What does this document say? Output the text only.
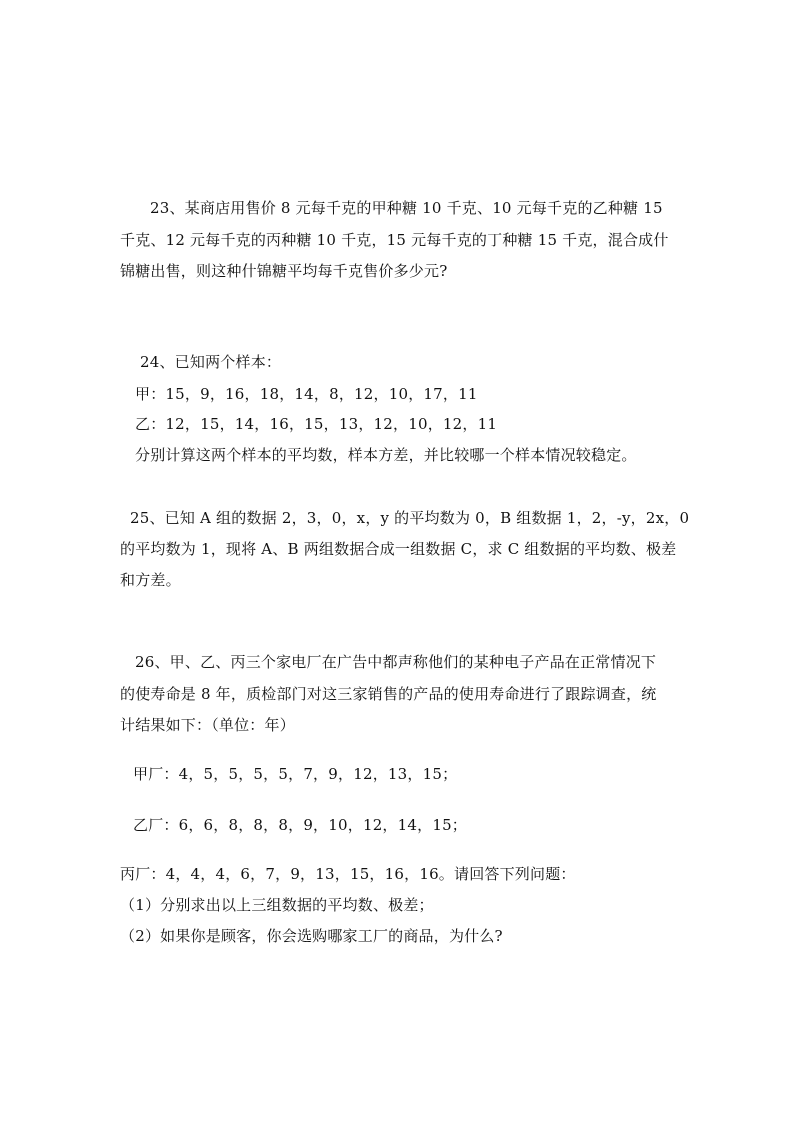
23、某商店用售价 8 元每千克的甲种糖 10 千克、10 元每千克的乙种糖 15
千克、12 元每千克的丙种糖 10 千克，15 元每千克的丁种糖 15 千克，混合成什
锦糖出售，则这种什锦糖平均每千克售价多少元?
24、已知两个样本：
甲：15，9，16，18，14，8，12，10，17，11
乙：12，15，14，16，15，13，12，10，12，11
分别计算这两个样本的平均数，样本方差，并比较哪一个样本情况较稳定。
25、已知 A 组的数据 2，3，0，x，y 的平均数为 0，B 组数据 1，2，-y，2x，0
的平均数为 1，现将 A、B 两组数据合成一组数据 C，求 C 组数据的平均数、极差
和方差。
26、甲、乙、丙三个家电厂在广告中都声称他们的某种电子产品在正常情况下
的使寿命是 8 年，质检部门对这三家销售的产品的使用寿命进行了跟踪调查，统
计结果如下：（单位：年）
甲厂：4，5，5，5，5，7，9，12，13，15；
乙厂：6，6，8，8，8，9，10，12，14，15；
丙厂：4，4，4，6，7，9，13，15，16，16。请回答下列问题：
（1）分别求出以上三组数据的平均数、极差；
（2）如果你是顾客，你会选购哪家工厂的商品，为什么?
